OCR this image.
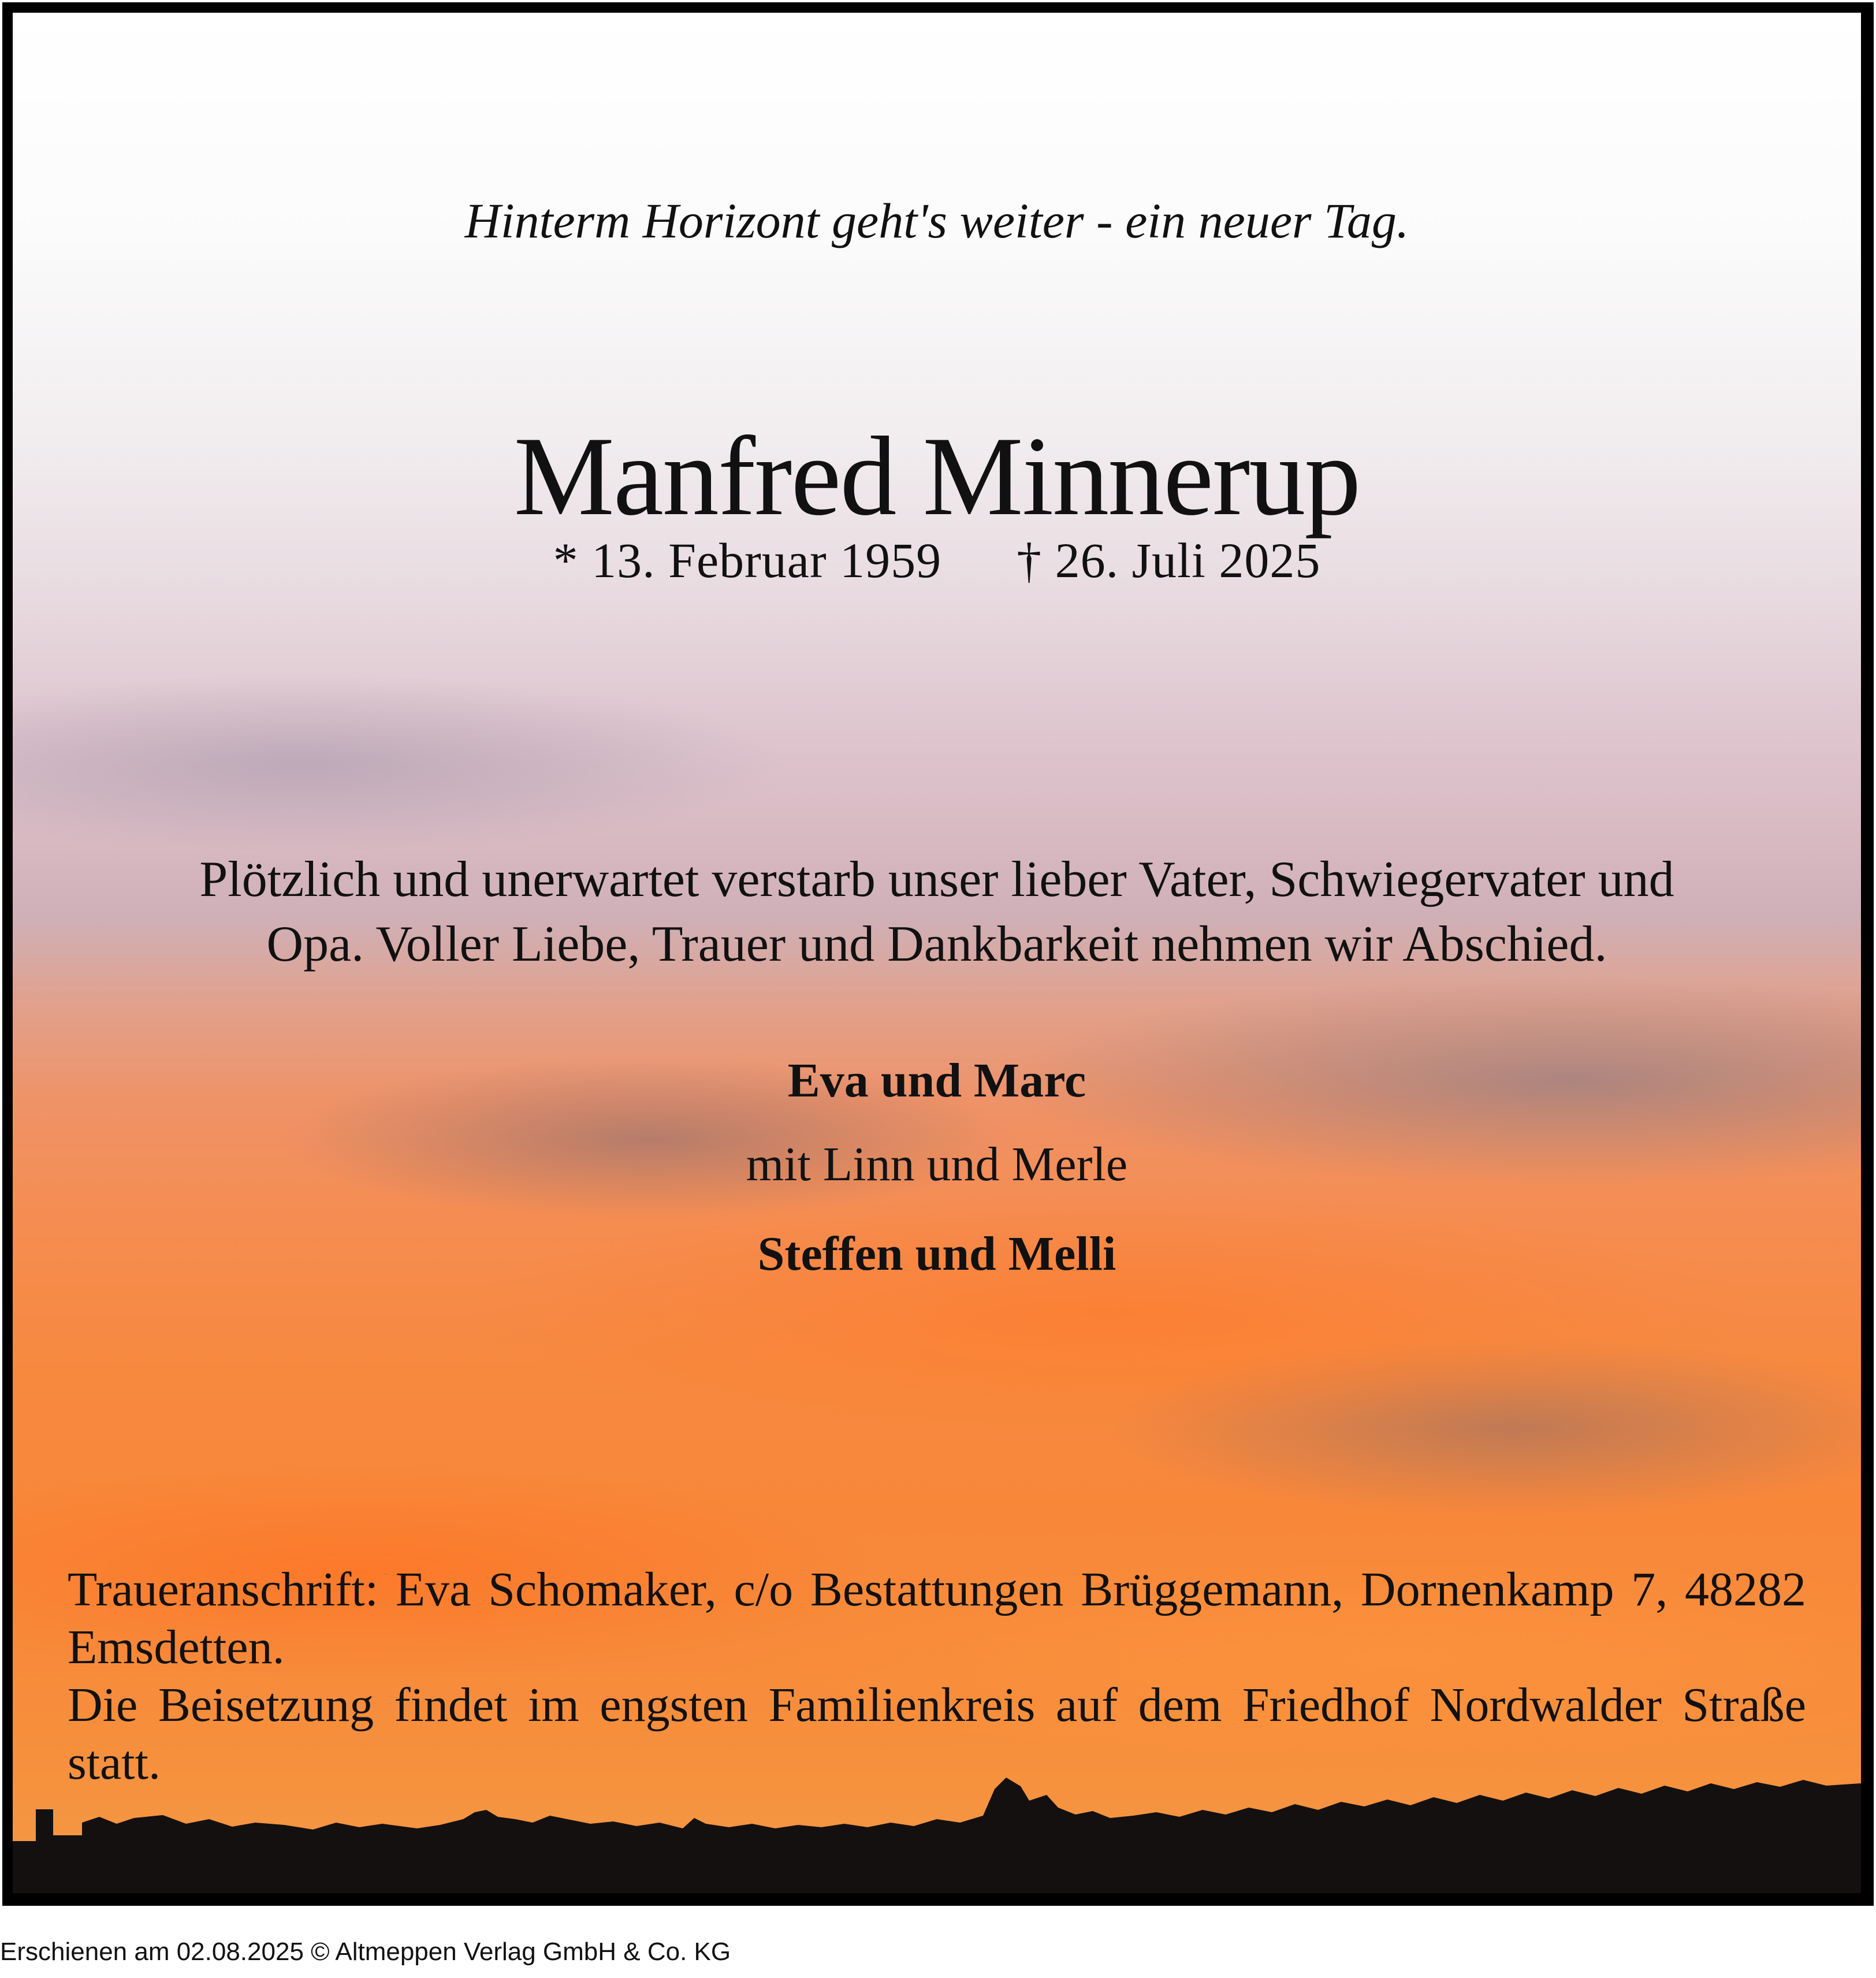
Hinterm Horizont geht's weiter - ein neuer Tag.

Manfred Minnerup

* 13. Februar 1959 † 26. Juli 2025

Plötzlich und unerwartet verstarb unser lieber Vater, Schwiegervater und
Opa. Voller Liebe, Trauer und Dankbarkeit nehmen wir Abschied.

Eva und Marc

mit Linn und Merle

Steffen und Melli

Traueranschrift: Eva Schomaker, c/o Bestattungen Brüggemann, Dornenkamp 7, 48282 Emsdetten.

Die Beisetzung findet im engsten Familienkreis auf dem Friedhof Nordwalder Straße statt.

Erschienen am 02.08.2025 © Altmeppen Verlag GmbH & Co. KG
